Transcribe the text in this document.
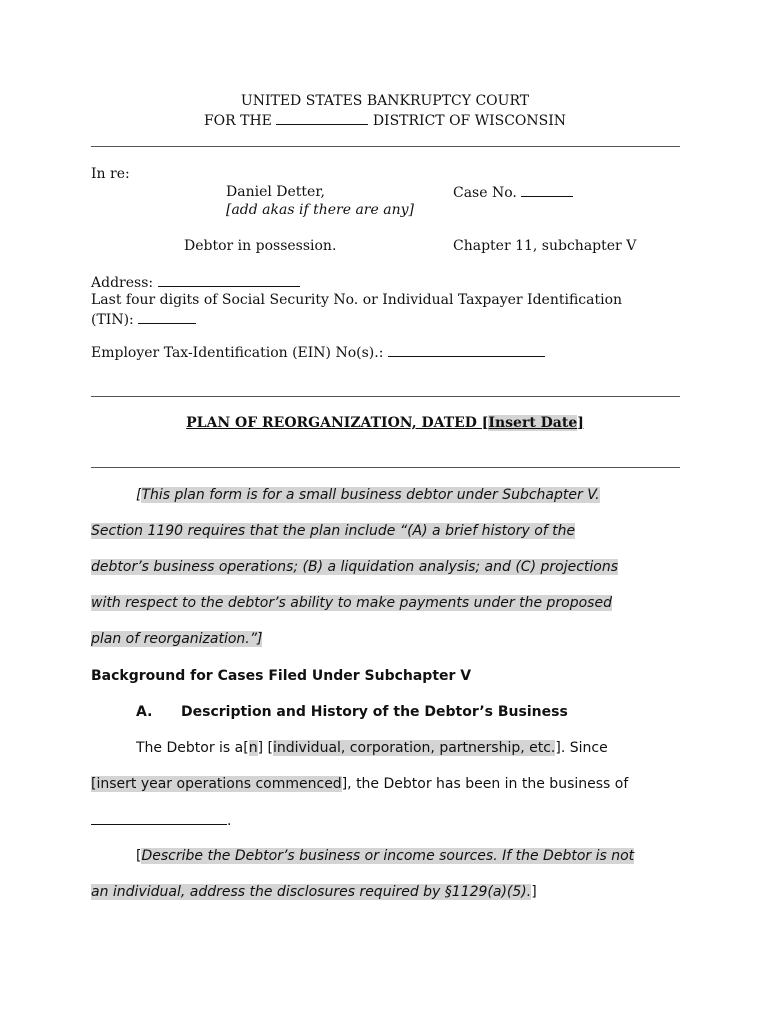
UNITED STATES BANKRUPTCY COURT
FOR THE	DISTRICT OF WISCONSIN
In re:
Daniel Detter,
[add akas if there are any]
Case No.
Debtor in possession.	Chapter 11, subchapter V
Address:
Last four digits of Social Security No. or Individual Taxpayer Identification
(TIN):
Employer Tax-Identification (EIN) No(s).:
PLAN OF REORGANIZATION, DATED [Insert Date]
[This plan form is for a small business debtor under Subchapter V.
Section 1190 requires that the plan include “(A) a brief history of the
debtor’s business operations; (B) a liquidation analysis; and (C) projections
with respect to the debtor’s ability to make payments under the proposed
plan of reorganization.”]
Background for Cases Filed Under Subchapter V
A. Description and History of the Debtor’s Business
The Debtor is a[n] [individual, corporation, partnership, etc.]. Since
[insert year operations commenced], the Debtor has been in the business of
.
[Describe the Debtor’s business or income sources. If the Debtor is not
an individual, address the disclosures required by §1129(a)(5).]
